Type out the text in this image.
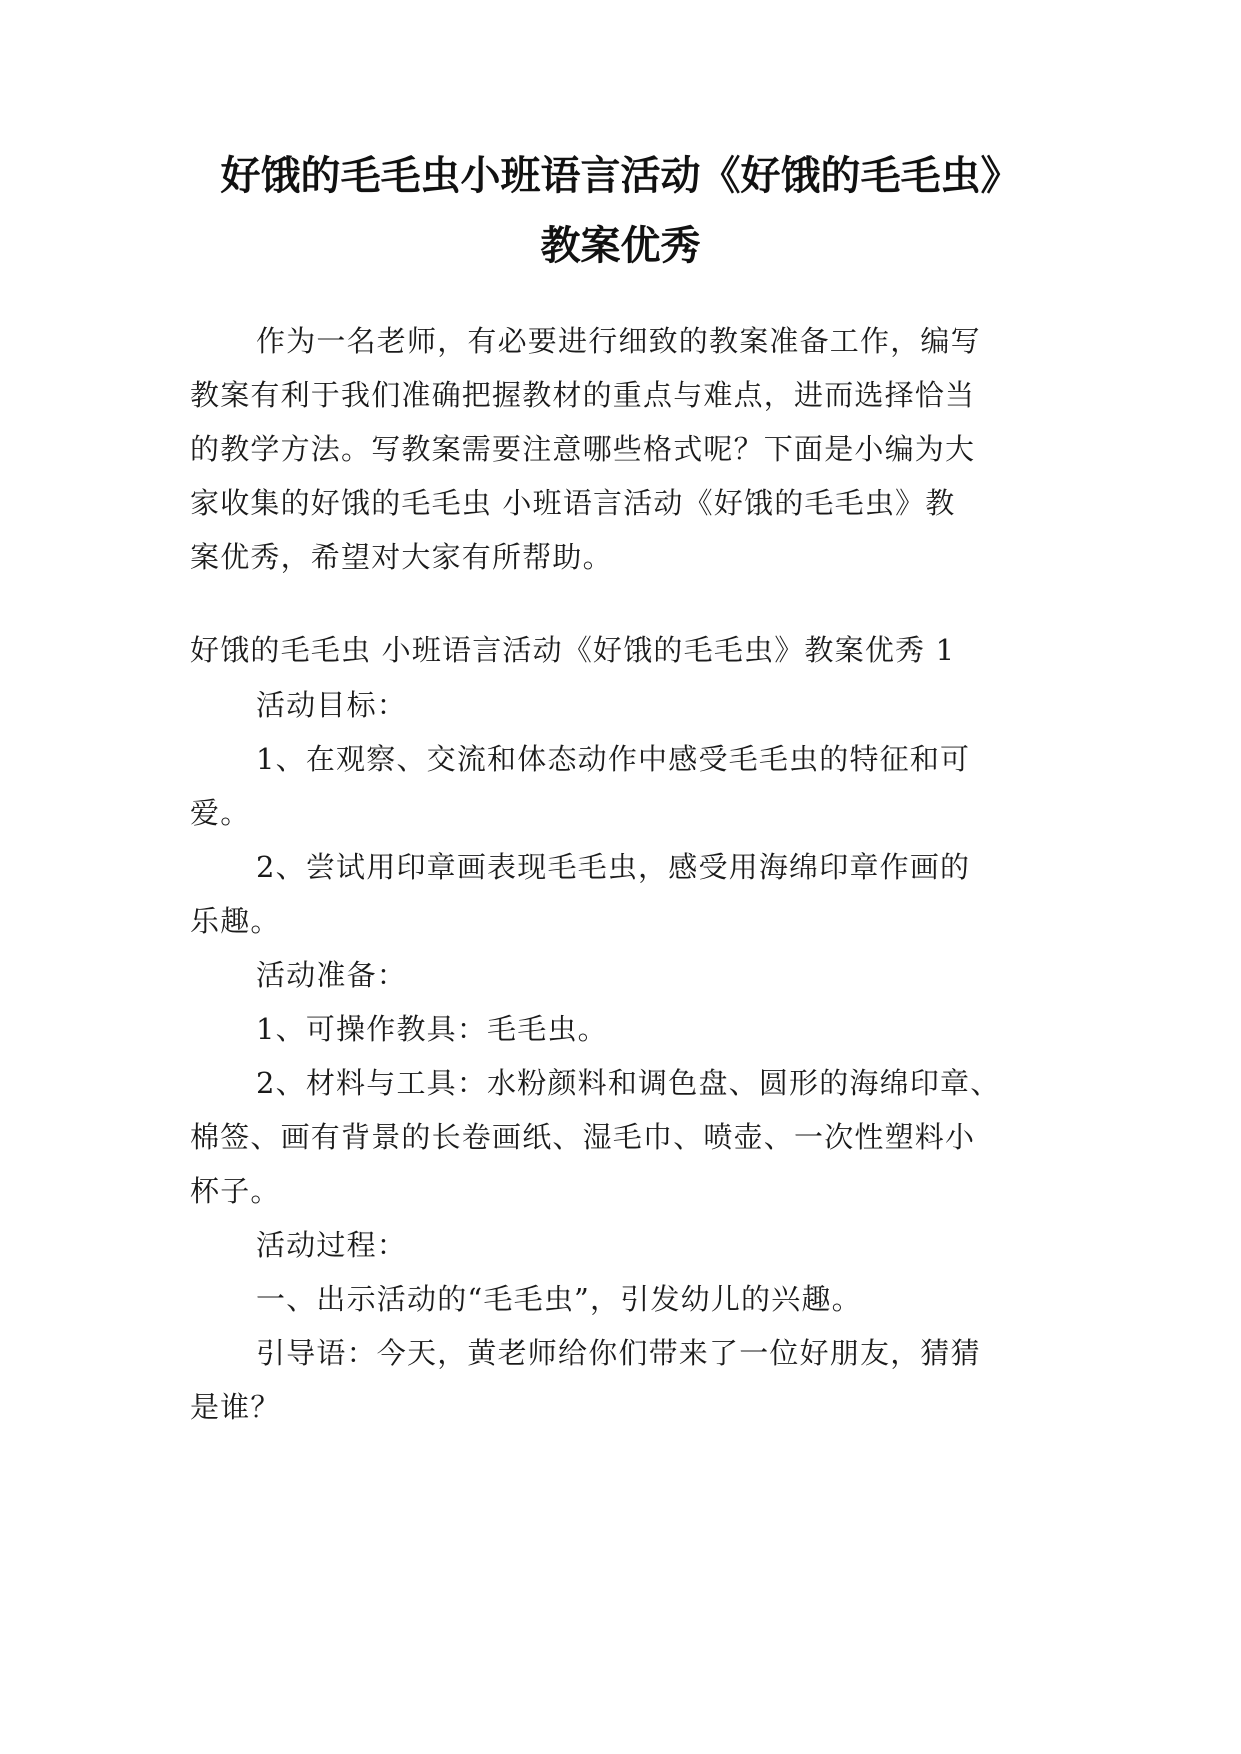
好饿的毛毛虫小班语言活动《好饿的毛毛虫》
教案优秀

作为一名老师，有必要进行细致的教案准备工作，编写

教案有利于我们准确把握教材的重点与难点，进而选择恰当

的教学方法。写教案需要注意哪些格式呢？下面是小编为大

家收集的好饿的毛毛虫 小班语言活动《好饿的毛毛虫》教

案优秀，希望对大家有所帮助。

好饿的毛毛虫 小班语言活动《好饿的毛毛虫》教案优秀 1

活动目标：

1、在观察、交流和体态动作中感受毛毛虫的特征和可

爱。

2、尝试用印章画表现毛毛虫，感受用海绵印章作画的

乐趣。

活动准备：

1、可操作教具：毛毛虫。

2、材料与工具：水粉颜料和调色盘、圆形的海绵印章、

棉签、画有背景的长卷画纸、湿毛巾、喷壶、一次性塑料小

杯子。

活动过程：

一、出示活动的“毛毛虫”，引发幼儿的兴趣。

引导语：今天，黄老师给你们带来了一位好朋友，猜猜

是谁？
